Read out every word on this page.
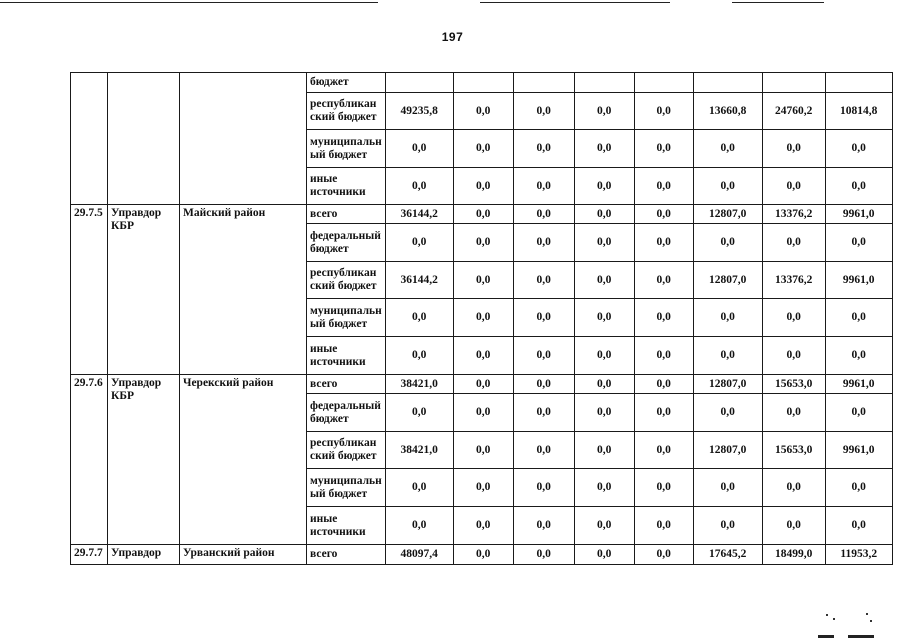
197
			бюджет								
			республикан
ский бюджет	49235,8	0,0	0,0	0,0	0,0	13660,8	24760,2	10814,8
			муниципальн
ый бюджет	0,0	0,0	0,0	0,0	0,0	0,0	0,0	0,0
			иные
источники	0,0	0,0	0,0	0,0	0,0	0,0	0,0	0,0
29.7.5	Управдор КБР	Майский район	всего	36144,2	0,0	0,0	0,0	0,0	12807,0	13376,2	9961,0
			федеральный
бюджет	0,0	0,0	0,0	0,0	0,0	0,0	0,0	0,0
			республикан
ский бюджет	36144,2	0,0	0,0	0,0	0,0	12807,0	13376,2	9961,0
			муниципальн
ый бюджет	0,0	0,0	0,0	0,0	0,0	0,0	0,0	0,0
			иные
источники	0,0	0,0	0,0	0,0	0,0	0,0	0,0	0,0
29.7.6	Управдор КБР	Черекский район	всего	38421,0	0,0	0,0	0,0	0,0	12807,0	15653,0	9961,0
			федеральный
бюджет	0,0	0,0	0,0	0,0	0,0	0,0	0,0	0,0
			республикан
ский бюджет	38421,0	0,0	0,0	0,0	0,0	12807,0	15653,0	9961,0
			муниципальн
ый бюджет	0,0	0,0	0,0	0,0	0,0	0,0	0,0	0,0
			иные
источники	0,0	0,0	0,0	0,0	0,0	0,0	0,0	0,0
29.7.7	Управдор	Урванский район	всего	48097,4	0,0	0,0	0,0	0,0	17645,2	18499,0	11953,2
